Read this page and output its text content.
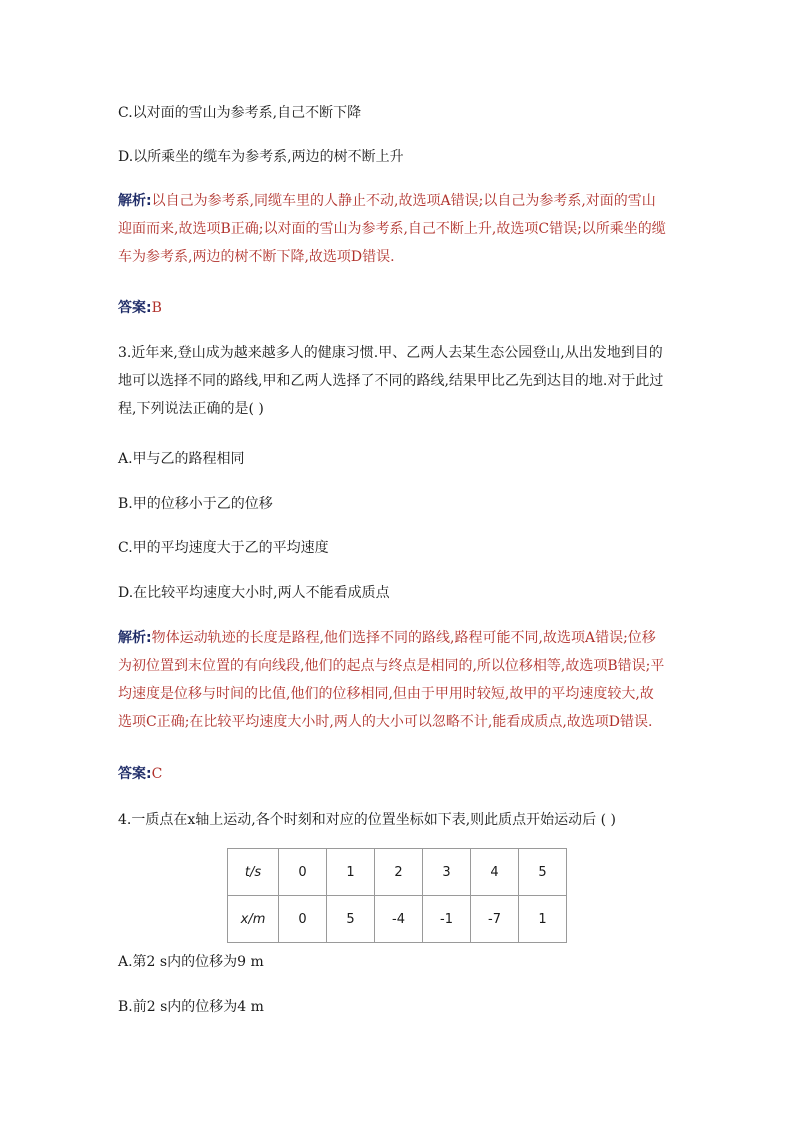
C.以对面的雪山为参考系,自己不断下降
D.以所乘坐的缆车为参考系,两边的树不断上升
解析:以自己为参考系,同缆车里的人静止不动,故选项A错误;以自己为参考系,对面的雪山
迎面而来,故选项B正确;以对面的雪山为参考系,自己不断上升,故选项C错误;以所乘坐的缆
车为参考系,两边的树不断下降,故选项D错误.
答案:B
3.近年来,登山成为越来越多人的健康习惯.甲、乙两人去某生态公园登山,从出发地到目的
地可以选择不同的路线,甲和乙两人选择了不同的路线,结果甲比乙先到达目的地.对于此过
程,下列说法正确的是( )
A.甲与乙的路程相同
B.甲的位移小于乙的位移
C.甲的平均速度大于乙的平均速度
D.在比较平均速度大小时,两人不能看成质点
解析:物体运动轨迹的长度是路程,他们选择不同的路线,路程可能不同,故选项A错误;位移
为初位置到末位置的有向线段,他们的起点与终点是相同的,所以位移相等,故选项B错误;平
均速度是位移与时间的比值,他们的位移相同,但由于甲用时较短,故甲的平均速度较大,故
选项C正确;在比较平均速度大小时,两人的大小可以忽略不计,能看成质点,故选项D错误.
答案:C
4.一质点在x轴上运动,各个时刻和对应的位置坐标如下表,则此质点开始运动后 ( )
t/s	0	1	2	3	4	5
x/m	0	5	-4	-1	-7	1
A.第2 s内的位移为9 m
B.前2 s内的位移为4 m
